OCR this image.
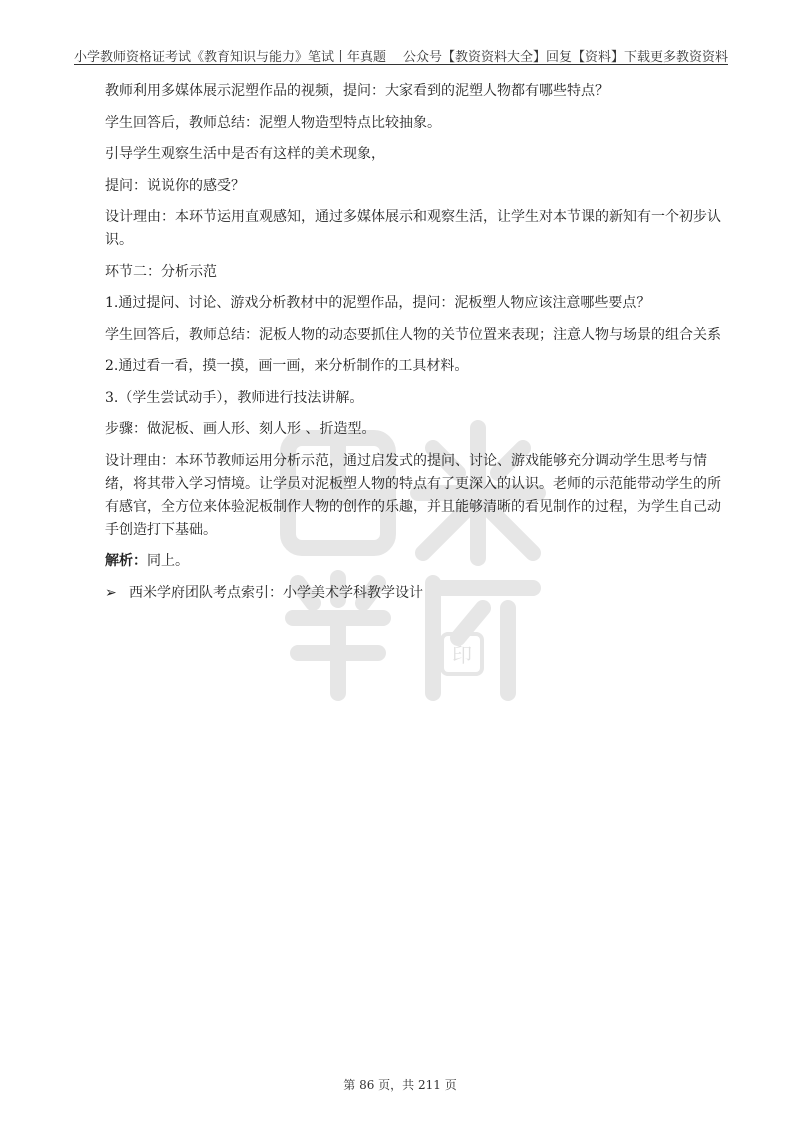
小学教师资格证考试《教育知识与能力》笔试丨年真题 公众号【教资资料大全】回复【资料】下载更多教资资料
印

教师利用多媒体展示泥塑作品的视频，提问：大家看到的泥塑人物都有哪些特点？

学生回答后，教师总结：泥塑人物造型特点比较抽象。

引导学生观察生活中是否有这样的美术现象，

提问：说说你的感受？

设计理由：本环节运用直观感知，通过多媒体展示和观察生活，让学生对本节课的新知有一个初步认识。

环节二：分析示范

1.通过提问、讨论、游戏分析教材中的泥塑作品，提问：泥板塑人物应该注意哪些要点？

学生回答后，教师总结：泥板人物的动态要抓住人物的关节位置来表现；注意人物与场景的组合关系

2.通过看一看，摸一摸，画一画，来分析制作的工具材料。

3.（学生尝试动手），教师进行技法讲解。

步骤：做泥板、画人形、刻人形 、折造型。

设计理由：本环节教师运用分析示范，通过启发式的提问、讨论、游戏能够充分调动学生思考与情绪，将其带入学习情境。让学员对泥板塑人物的特点有了更深入的认识。老师的示范能带动学生的所有感官，全方位来体验泥板制作人物的创作的乐趣，并且能够清晰的看见制作的过程，为学生自己动手创造打下基础。

解析：同上。

➢ 西米学府团队考点索引：小学美术学科教学设计

第 86 页，共 211 页
